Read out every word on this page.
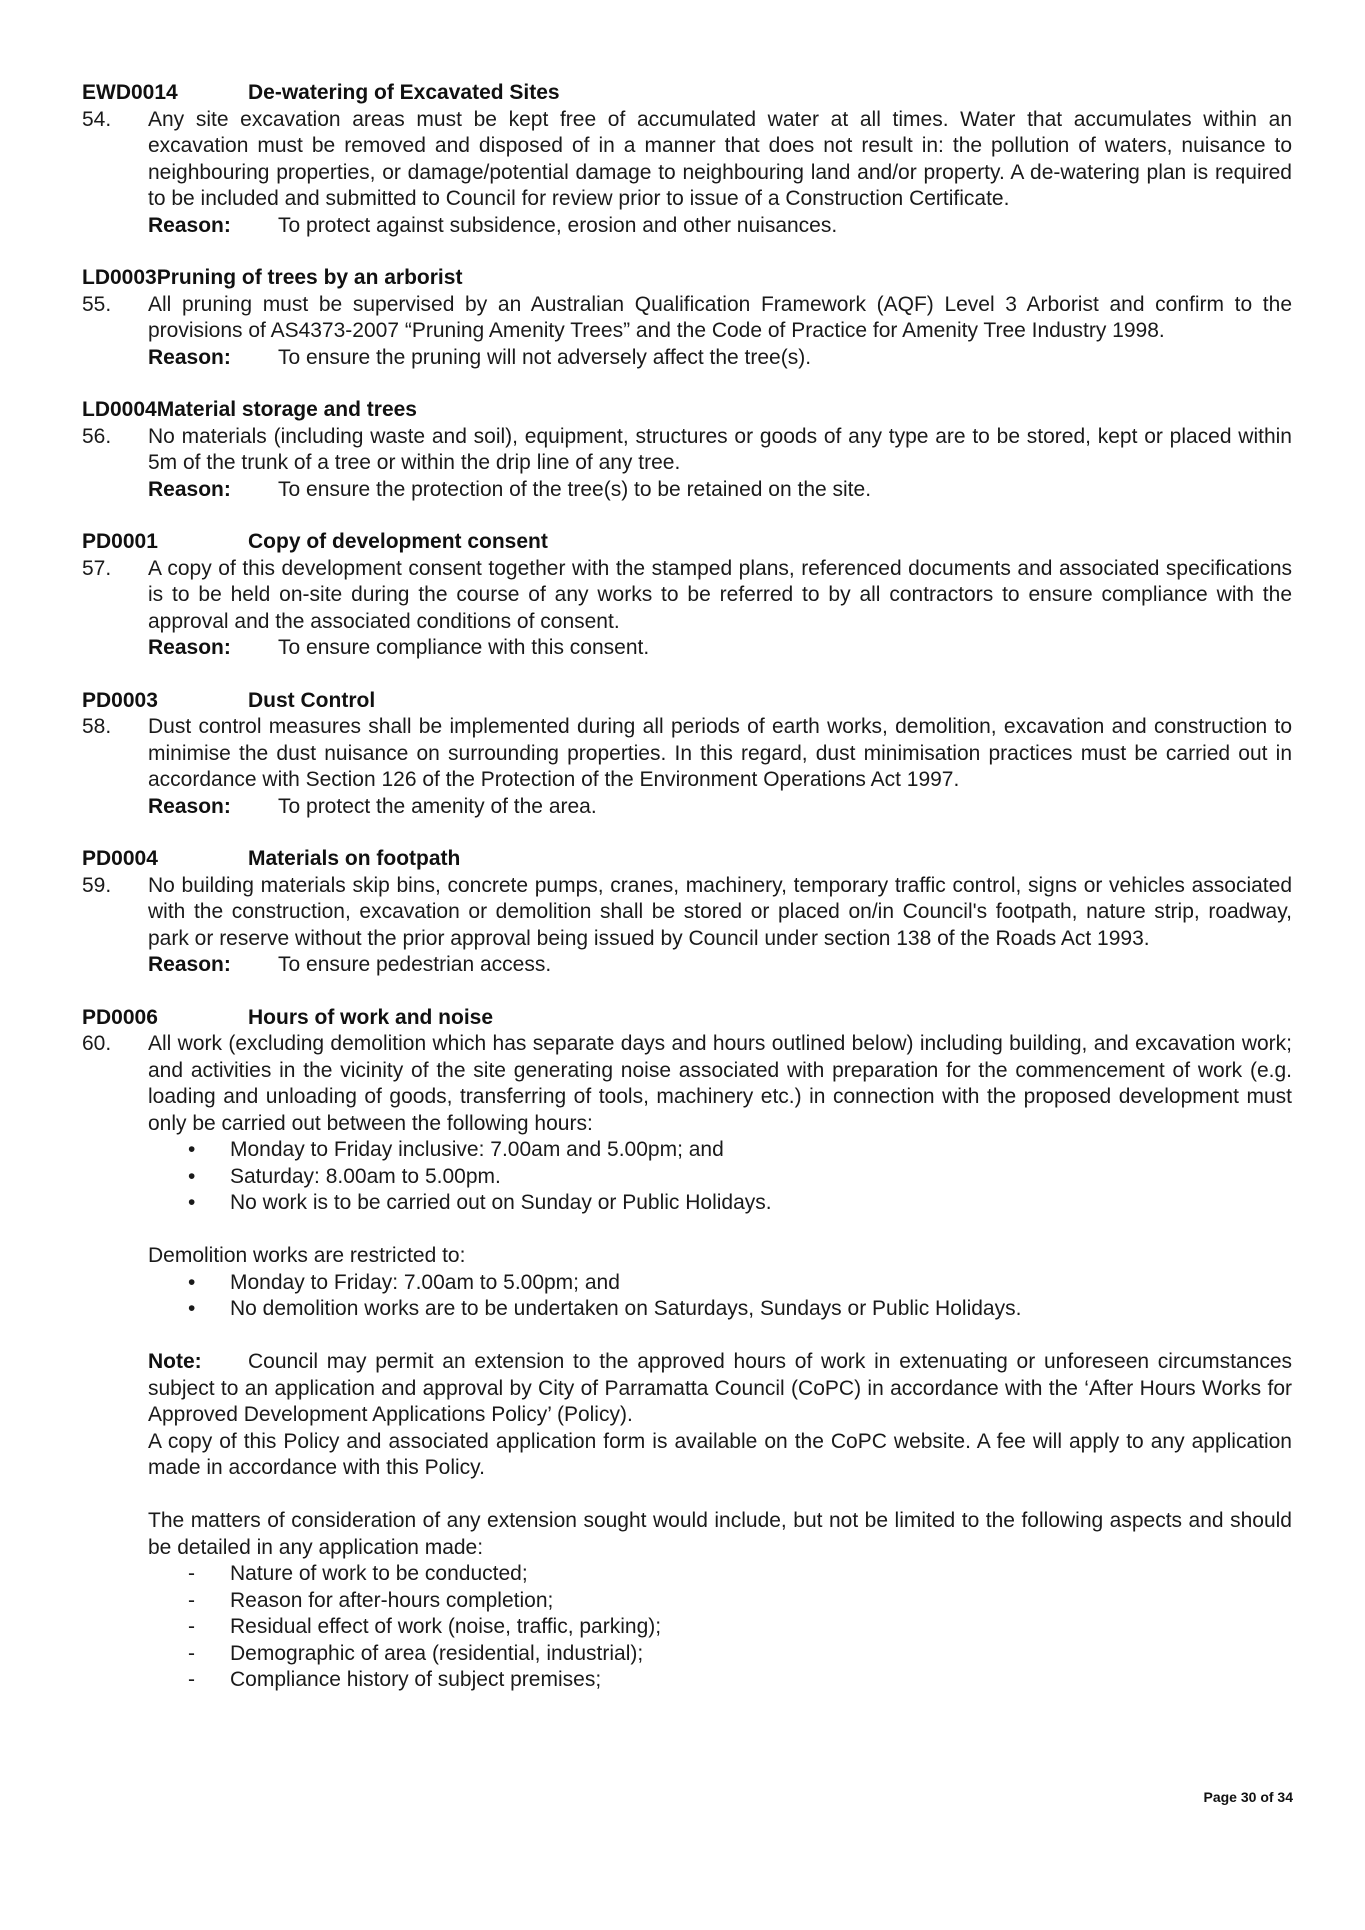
EWD0014	De-watering of Excavated Sites
54.	Any site excavation areas must be kept free of accumulated water at all times. Water that accumulates within an excavation must be removed and disposed of in a manner that does not result in: the pollution of waters, nuisance to neighbouring properties, or damage/potential damage to neighbouring land and/or property. A de-watering plan is required to be included and submitted to Council for review prior to issue of a Construction Certificate.
Reason:	To protect against subsidence, erosion and other nuisances.
LD0003 Pruning of trees by an arborist
55.	All pruning must be supervised by an Australian Qualification Framework (AQF) Level 3 Arborist and confirm to the provisions of AS4373-2007 “Pruning Amenity Trees” and the Code of Practice for Amenity Tree Industry 1998.
Reason:	To ensure the pruning will not adversely affect the tree(s).
LD0004 Material storage and trees
56.	No materials (including waste and soil), equipment, structures or goods of any type are to be stored, kept or placed within 5m of the trunk of a tree or within the drip line of any tree.
Reason:	To ensure the protection of the tree(s) to be retained on the site.
PD0001	Copy of development consent
57.	A copy of this development consent together with the stamped plans, referenced documents and associated specifications is to be held on-site during the course of any works to be referred to by all contractors to ensure compliance with the approval and the associated conditions of consent.
Reason:	To ensure compliance with this consent.
PD0003	Dust Control
58.	Dust control measures shall be implemented during all periods of earth works, demolition, excavation and construction to minimise the dust nuisance on surrounding properties. In this regard, dust minimisation practices must be carried out in accordance with Section 126 of the Protection of the Environment Operations Act 1997.
Reason:	To protect the amenity of the area.
PD0004	Materials on footpath
59.	No building materials skip bins, concrete pumps, cranes, machinery, temporary traffic control, signs or vehicles associated with the construction, excavation or demolition shall be stored or placed on/in Council's footpath, nature strip, roadway, park or reserve without the prior approval being issued by Council under section 138 of the Roads Act 1993.
Reason:	To ensure pedestrian access.
PD0006	Hours of work and noise
60.	All work (excluding demolition which has separate days and hours outlined below) including building, and excavation work; and activities in the vicinity of the site generating noise associated with preparation for the commencement of work (e.g. loading and unloading of goods, transferring of tools, machinery etc.) in connection with the proposed development must only be carried out between the following hours:
•	Monday to Friday inclusive: 7.00am and 5.00pm; and
•	Saturday: 8.00am to 5.00pm.
•	No work is to be carried out on Sunday or Public Holidays.
Demolition works are restricted to:
•	Monday to Friday: 7.00am to 5.00pm; and
•	No demolition works are to be undertaken on Saturdays, Sundays or Public Holidays.
Note: Council may permit an extension to the approved hours of work in extenuating or unforeseen circumstances subject to an application and approval by City of Parramatta Council (CoPC) in accordance with the ‘After Hours Works for Approved Development Applications Policy’ (Policy).
A copy of this Policy and associated application form is available on the CoPC website. A fee will apply to any application made in accordance with this Policy.
The matters of consideration of any extension sought would include, but not be limited to the following aspects and should be detailed in any application made:
-	Nature of work to be conducted;
-	Reason for after-hours completion;
-	Residual effect of work (noise, traffic, parking);
-	Demographic of area (residential, industrial);
-	Compliance history of subject premises;
Page 30 of 34
